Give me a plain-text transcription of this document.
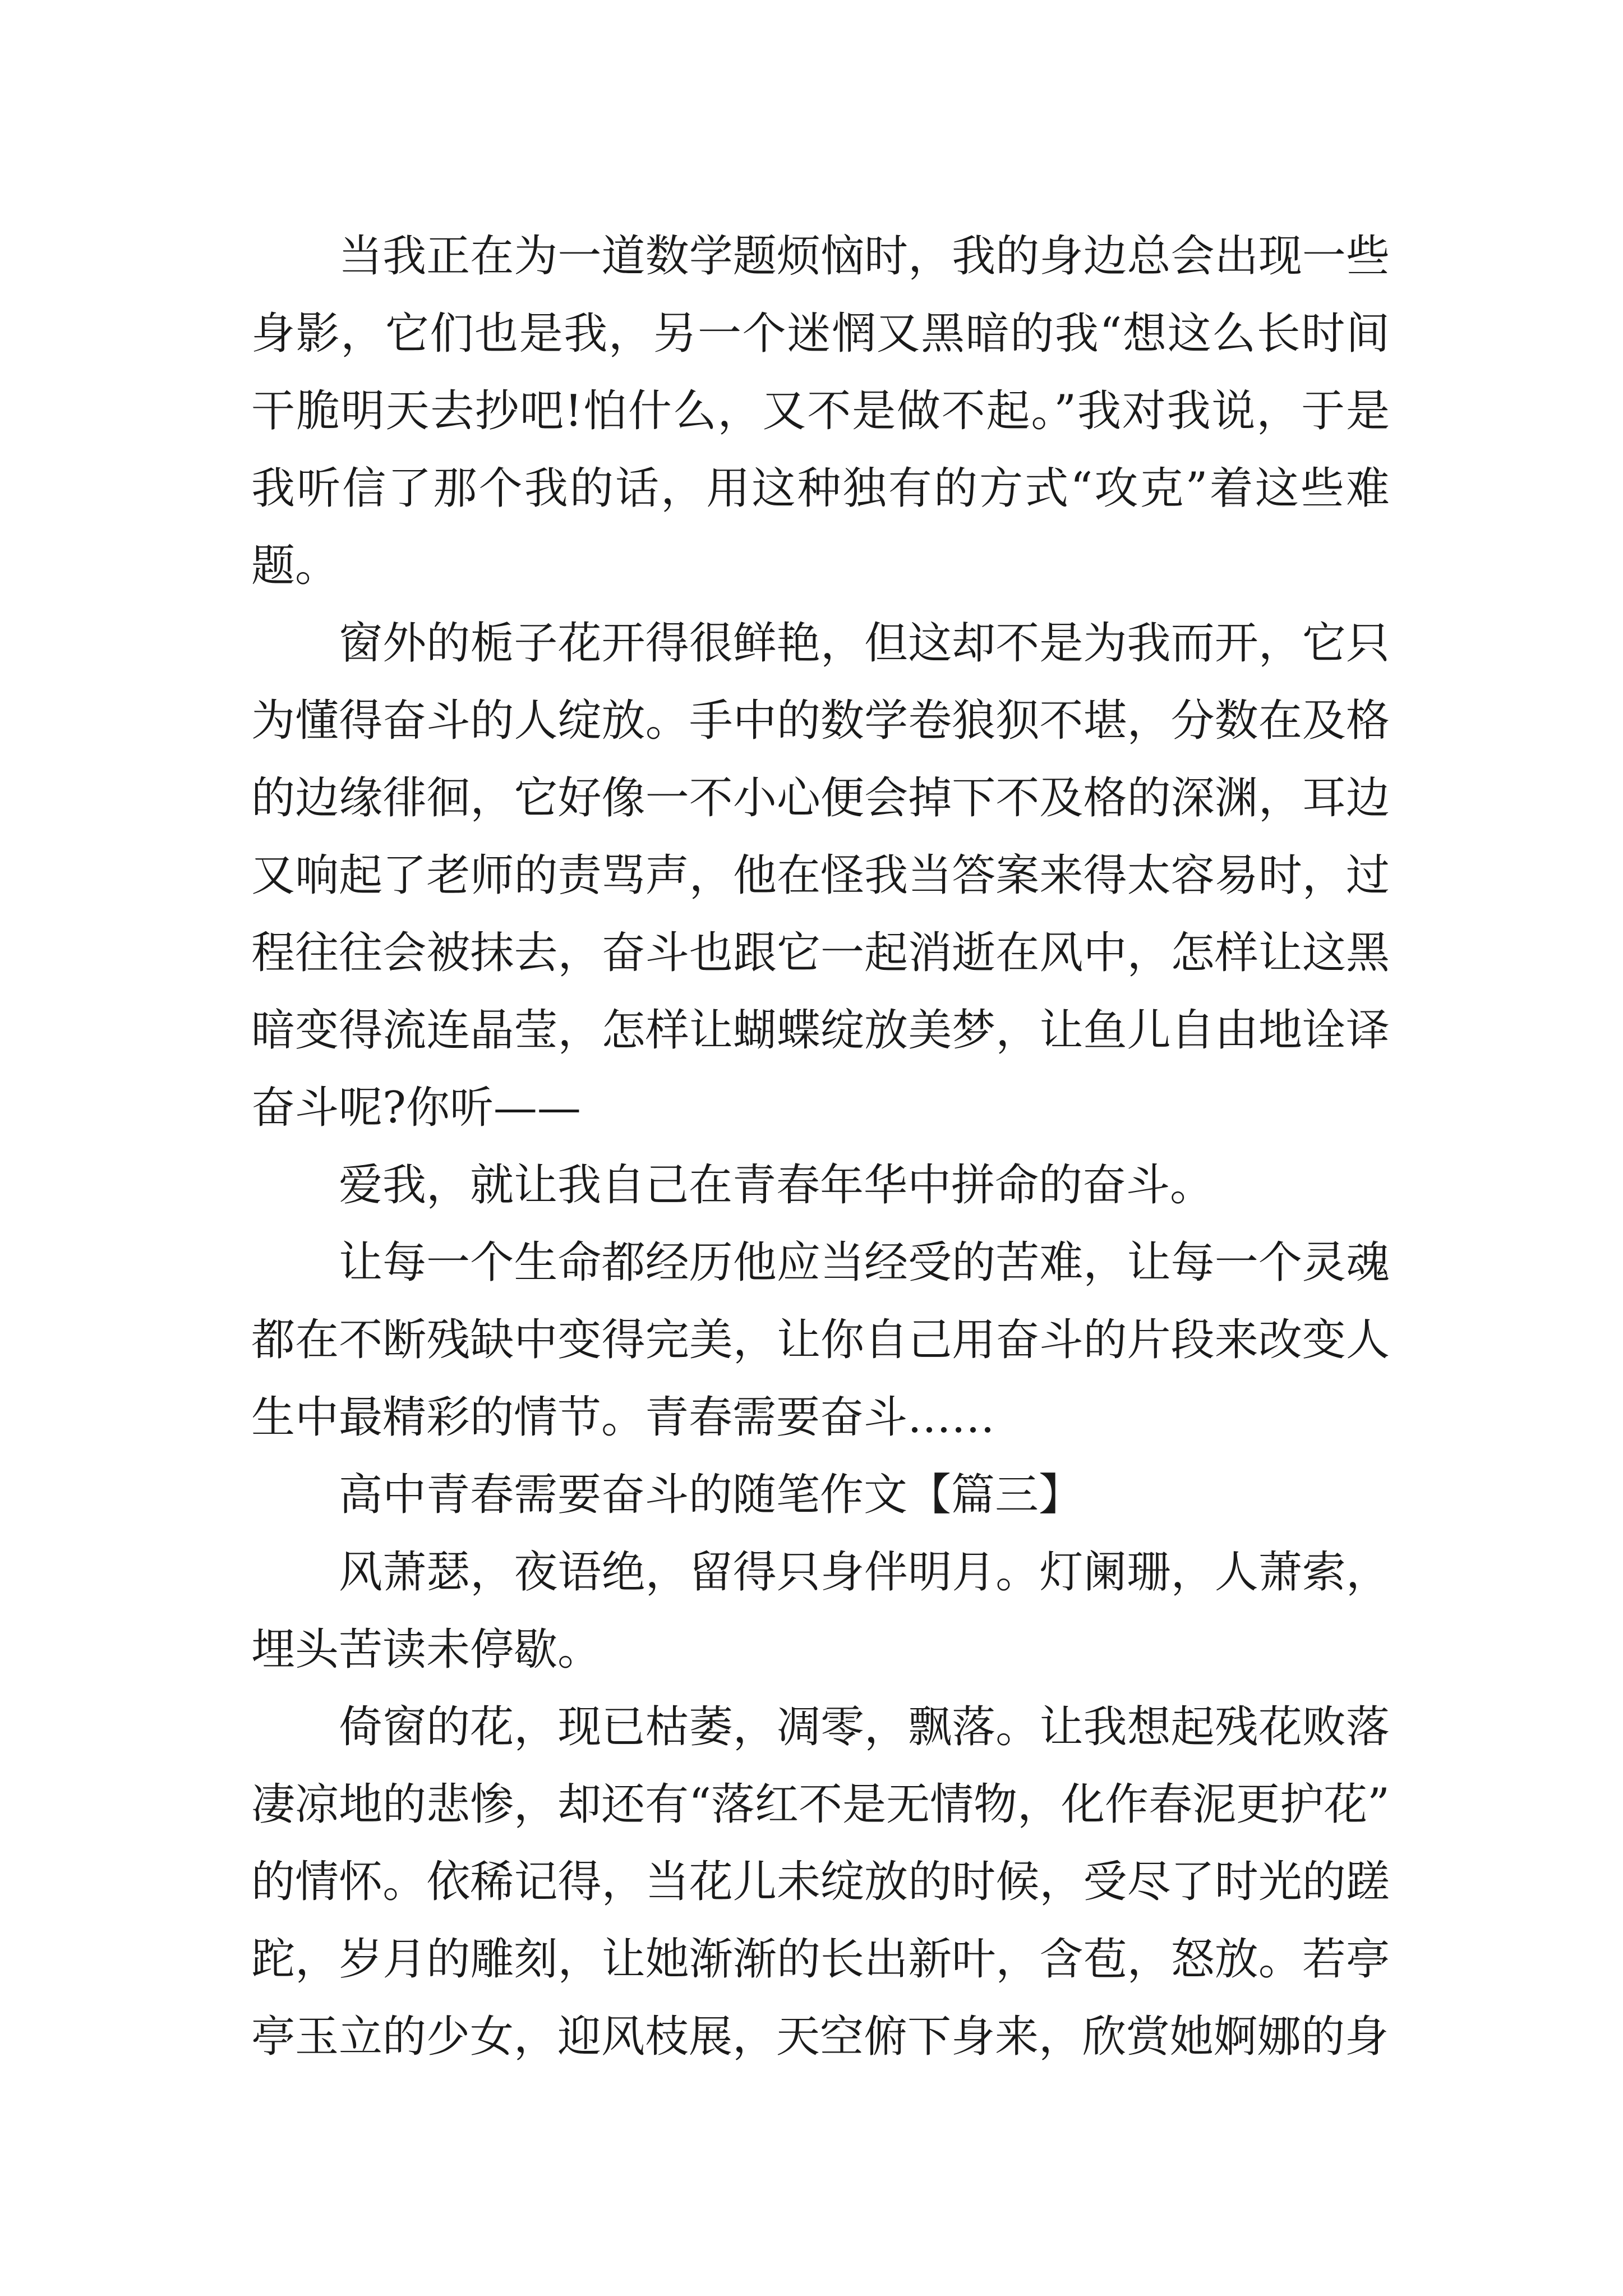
当我正在为一道数学题烦恼时，我的身边总会出现一些
身影，它们也是我，另一个迷惘又黑暗的我“想这么长时间
干脆明天去抄吧!怕什么，又不是做不起。”我对我说，于是
我听信了那个我的话，用这种独有的方式“攻克”着这些难
题。
窗外的栀子花开得很鲜艳，但这却不是为我而开，它只
为懂得奋斗的人绽放。手中的数学卷狼狈不堪，分数在及格
的边缘徘徊，它好像一不小心便会掉下不及格的深渊，耳边
又响起了老师的责骂声，他在怪我当答案来得太容易时，过
程往往会被抹去，奋斗也跟它一起消逝在风中，怎样让这黑
暗变得流连晶莹，怎样让蝴蝶绽放美梦，让鱼儿自由地诠译
奋斗呢?你听——
爱我，就让我自己在青春年华中拼命的奋斗。
让每一个生命都经历他应当经受的苦难，让每一个灵魂
都在不断残缺中变得完美，让你自己用奋斗的片段来改变人
生中最精彩的情节。青春需要奋斗……
高中青春需要奋斗的随笔作文【篇三】
风萧瑟，夜语绝，留得只身伴明月。灯阑珊，人萧索，
埋头苦读未停歇。
倚窗的花，现已枯萎，凋零，飘落。让我想起残花败落
凄凉地的悲惨，却还有“落红不是无情物，化作春泥更护花”
的情怀。依稀记得，当花儿未绽放的时候，受尽了时光的蹉
跎，岁月的雕刻，让她渐渐的长出新叶，含苞，怒放。若亭
亭玉立的少女，迎风枝展，天空俯下身来，欣赏她婀娜的身
